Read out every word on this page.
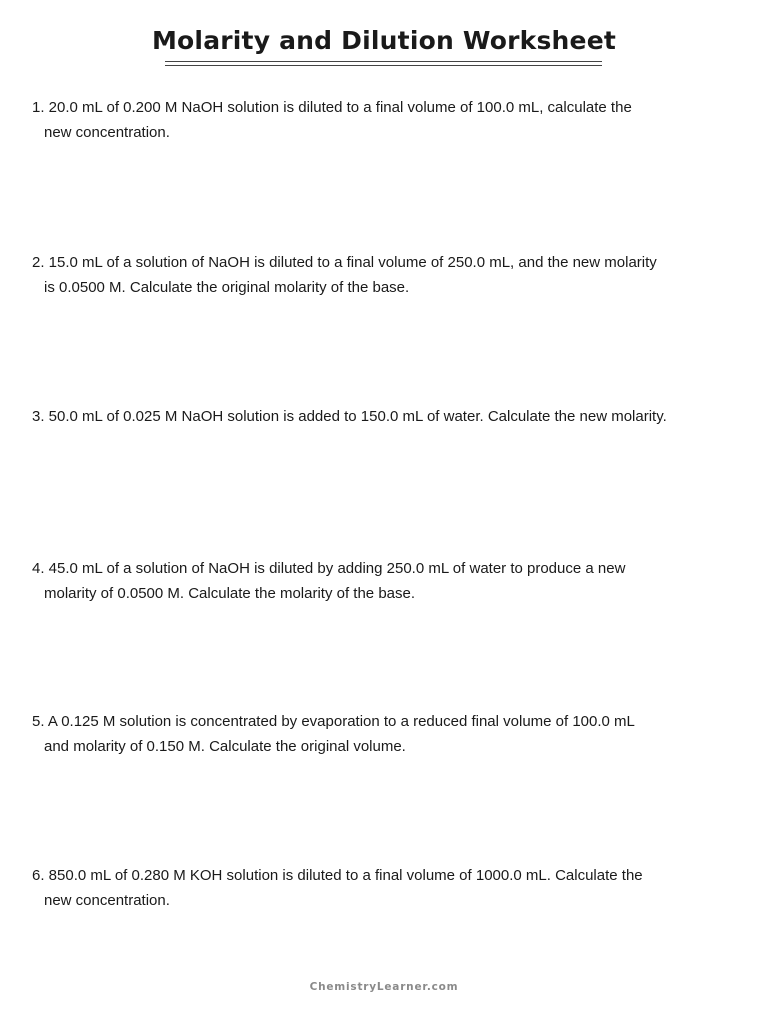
Molarity and Dilution Worksheet
1. 20.0 mL of 0.200 M NaOH solution is diluted to a final volume of 100.0 mL, calculate the
new concentration.
2. 15.0 mL of a solution of NaOH is diluted to a final volume of 250.0 mL, and the new molarity
is 0.0500 M. Calculate the original molarity of the base.
3. 50.0 mL of 0.025 M NaOH solution is added to 150.0 mL of water. Calculate the new molarity.
4. 45.0 mL of a solution of NaOH is diluted by adding 250.0 mL of water to produce a new
molarity of 0.0500 M. Calculate the molarity of the base.
5. A 0.125 M solution is concentrated by evaporation to a reduced final volume of 100.0 mL
and molarity of 0.150 M. Calculate the original volume.
6. 850.0 mL of 0.280 M KOH solution is diluted to a final volume of 1000.0 mL. Calculate the
new concentration.
ChemistryLearner.com
